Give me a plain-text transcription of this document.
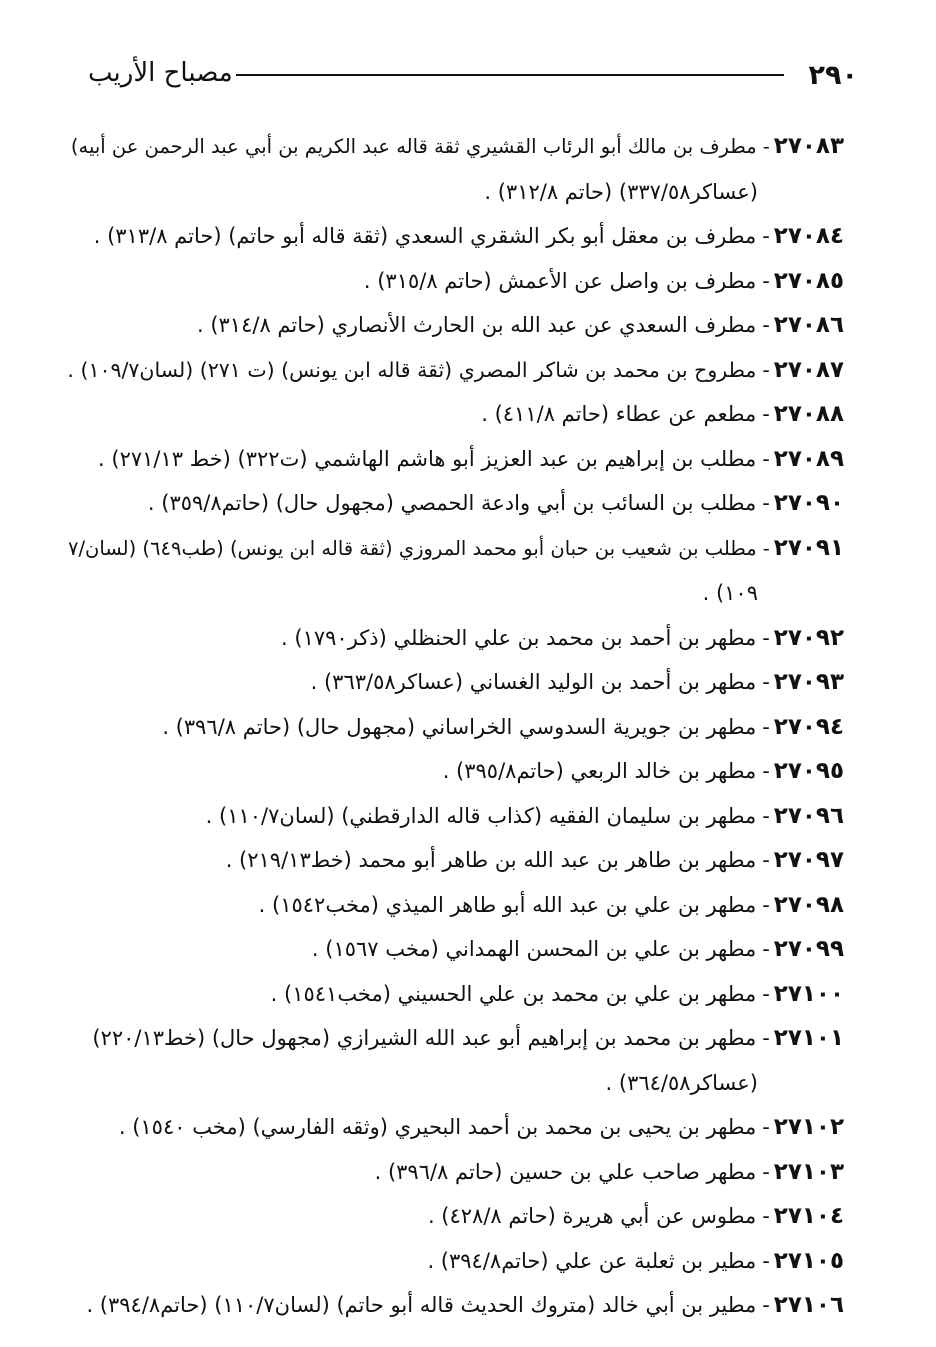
٢٩٠
مصباح الأريب
٢٧٠٨٣-مطرف بن مالك أبو الرئاب القشيري ثقة قاله عبد الكريم بن أبي عبد الرحمن عن أبيه)
(عساكر٣٣٧/٥٨) (حاتم ٣١٢/٨) .
٢٧٠٨٤-مطرف بن معقل أبو بكر الشقري السعدي (ثقة قاله أبو حاتم) (حاتم ٣١٣/٨) .
٢٧٠٨٥-مطرف بن واصل عن الأعمش (حاتم ٣١٥/٨) .
٢٧٠٨٦-مطرف السعدي عن عبد الله بن الحارث الأنصاري (حاتم ٣١٤/٨) .
٢٧٠٨٧-مطروح بن محمد بن شاكر المصري (ثقة قاله ابن يونس) (ت ٢٧١) (لسان١٠٩/٧) .
٢٧٠٨٨-مطعم عن عطاء (حاتم ٤١١/٨) .
٢٧٠٨٩-مطلب بن إبراهيم بن عبد العزيز أبو هاشم الهاشمي (ت٣٢٢) (خط ٢٧١/١٣) .
٢٧٠٩٠-مطلب بن السائب بن أبي وادعة الحمصي (مجهول حال) (حاتم٣٥٩/٨) .
٢٧٠٩١-مطلب بن شعيب بن حبان أبو محمد المروزي (ثقة قاله ابن يونس) (طب٦٤٩) (لسان/٧
١٠٩) .
٢٧٠٩٢-مطهر بن أحمد بن محمد بن علي الحنظلي (ذكر١٧٩٠) .
٢٧٠٩٣-مطهر بن أحمد بن الوليد الغساني (عساكر٣٦٣/٥٨) .
٢٧٠٩٤-مطهر بن جويرية السدوسي الخراساني (مجهول حال) (حاتم ٣٩٦/٨) .
٢٧٠٩٥-مطهر بن خالد الربعي (حاتم٣٩٥/٨) .
٢٧٠٩٦-مطهر بن سليمان الفقيه (كذاب قاله الدارقطني) (لسان١١٠/٧) .
٢٧٠٩٧-مطهر بن طاهر بن عبد الله بن طاهر أبو محمد (خط٢١٩/١٣) .
٢٧٠٩٨-مطهر بن علي بن عبد الله أبو طاهر الميذي (مخب١٥٤٢) .
٢٧٠٩٩-مطهر بن علي بن المحسن الهمداني (مخب ١٥٦٧) .
٢٧١٠٠-مطهر بن علي بن محمد بن علي الحسيني (مخب١٥٤١) .
٢٧١٠١-مطهر بن محمد بن إبراهيم أبو عبد الله الشيرازي (مجهول حال) (خط٢٢٠/١٣)
(عساكر٣٦٤/٥٨) .
٢٧١٠٢-مطهر بن يحيى بن محمد بن أحمد البحيري (وثقه الفارسي) (مخب ١٥٤٠) .
٢٧١٠٣-مطهر صاحب علي بن حسين (حاتم ٣٩٦/٨) .
٢٧١٠٤-مطوس عن أبي هريرة (حاتم ٤٢٨/٨) .
٢٧١٠٥-مطير بن ثعلبة عن علي (حاتم٣٩٤/٨) .
٢٧١٠٦-مطير بن أبي خالد (متروك الحديث قاله أبو حاتم) (لسان١١٠/٧) (حاتم٣٩٤/٨) .
